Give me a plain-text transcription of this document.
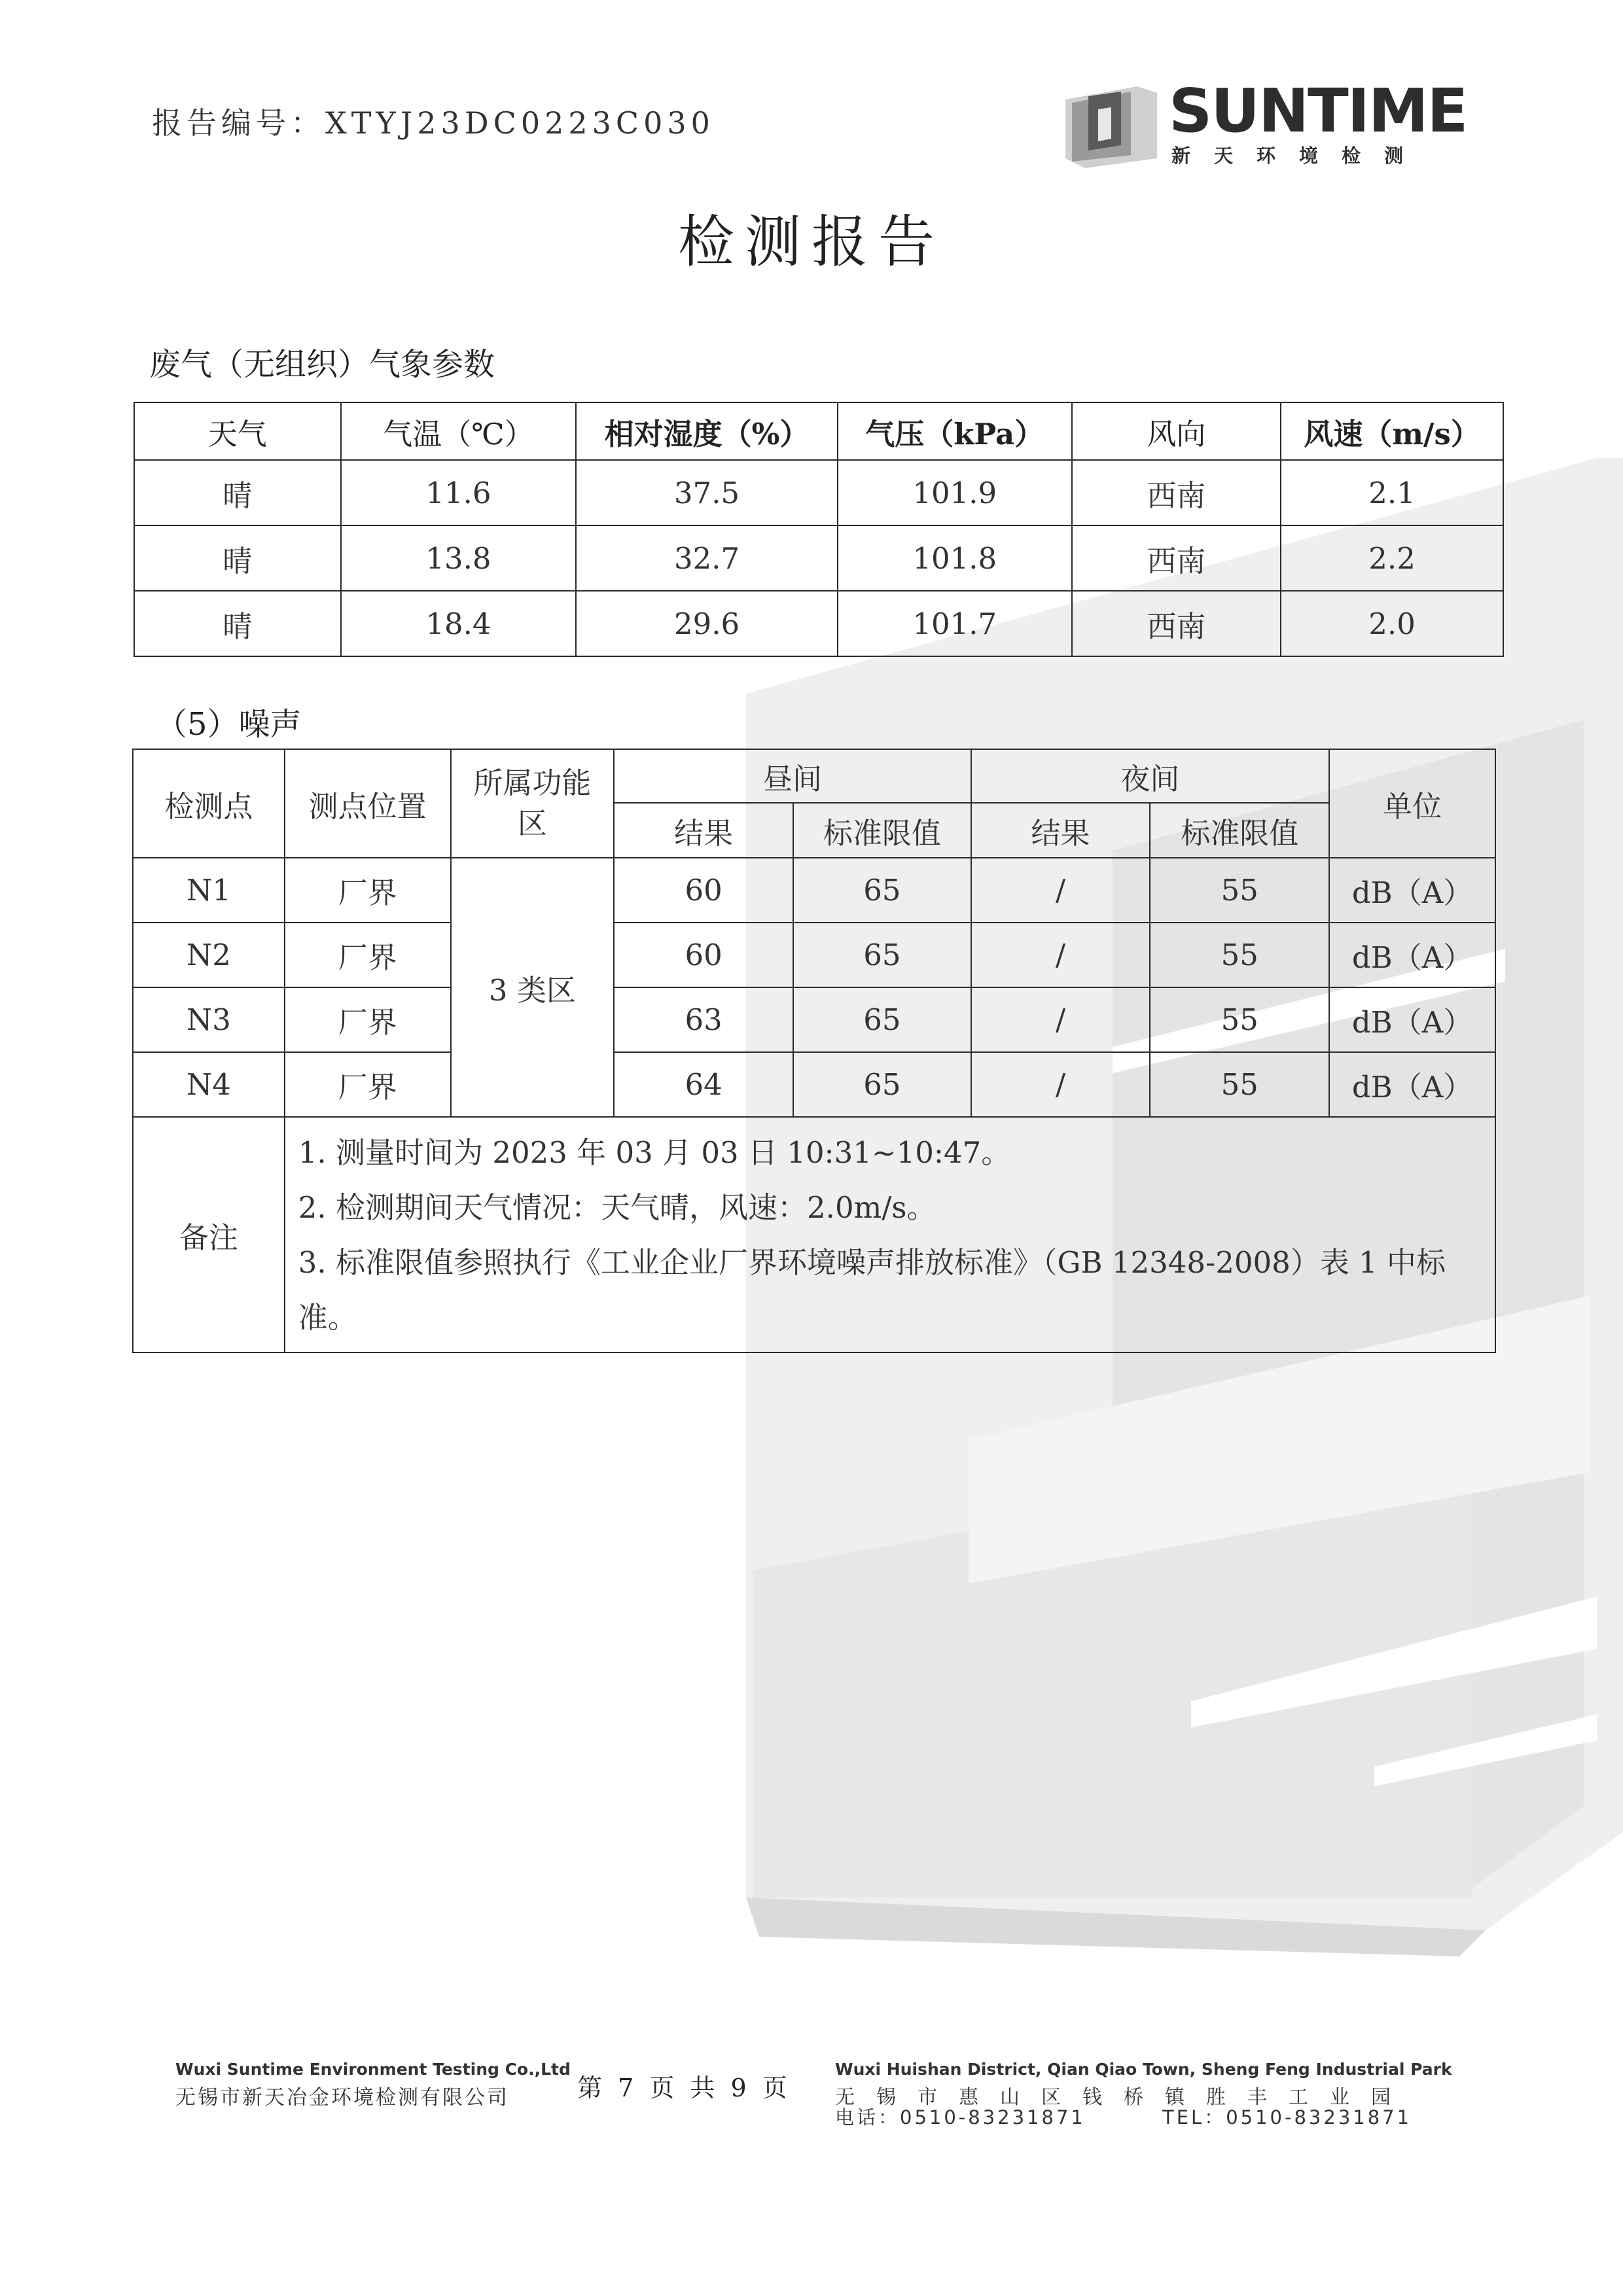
报告编号：XTYJ23DC0223C030	SUNTIME
新天环境检测
检测报告
废气（无组织）气象参数
天气	气温（℃）	相对湿度（%）	气压（kPa）	风向	风速（m/s）
晴	11.6	37.5	101.9	西南	2.1
晴	13.8	32.7	101.8	西南	2.2
晴	18.4	29.6	101.7	西南	2.0
（5）噪声
检测点	测点位置	所属功能区	昼间		夜间		单位
			结果	标准限值	结果	标准限值	
N1	厂界	3 类区	60	65	/	55	dB（A）
N2	厂界		60	65	/	55	dB（A）
N3	厂界		63	65	/	55	dB（A）
N4	厂界		64	65	/	55	dB（A）
备注	1. 测量时间为 2023 年 03 月 03 日 10:31~10:47。
2. 检测期间天气情况：天气晴，风速：2.0m/s。
3. 标准限值参照执行《工业企业厂界环境噪声排放标准》（GB 12348-2008）表 1 中标准。						
Wuxi Suntime Environment Testing Co.,Ltd
无锡市新天冶金环境检测有限公司	第 7 页 共 9 页
Wuxi Huishan District, Qian Qiao Town, Sheng Feng Industrial Park
无锡市惠山区钱桥镇胜丰工业园
电话：0510-83231871	TEL：0510-83231871
